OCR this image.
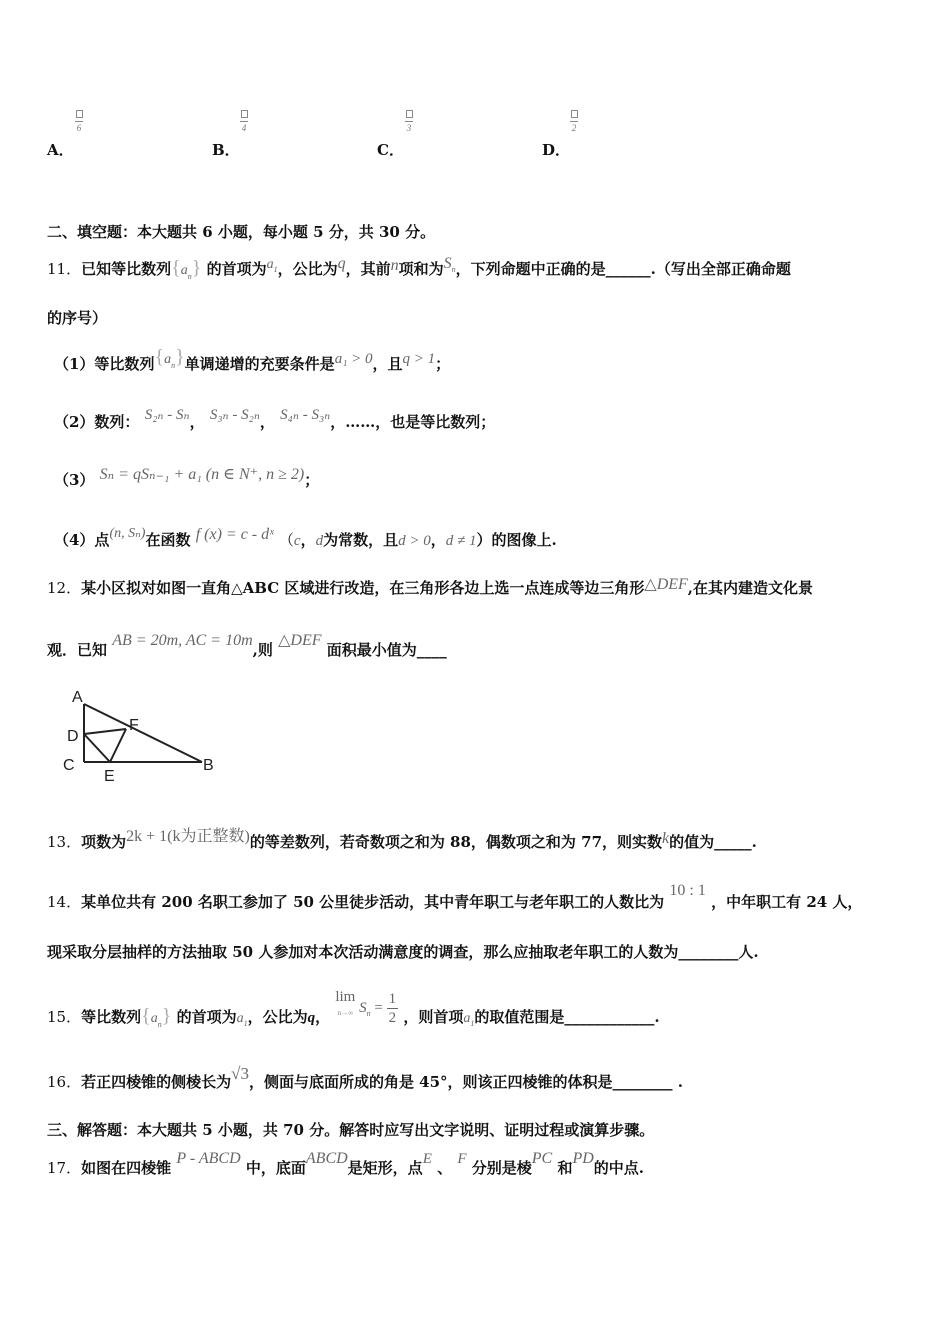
6
A．
4
B．
3
C．
2
D．
二、填空题：本大题共 6 小题，每小题 5 分，共 30 分。
11．已知等比数列$\{a_n\}$ 的首项为$a_1$，公比为q，其前n项和为$S_n$，下列命题中正确的是______.（写出全部正确命题
的序号）
（1）等比数列$\{a_n\}$单调递增的充要条件是a₁ > 0，且q > 1；
（2）数列： S₂ₙ - Sₙ， S₃ₙ - S₂ₙ， S₄ₙ - S₃ₙ，……，也是等比数列；
（3） Sₙ = qSₙ₋₁ + a₁ (n ∈ N⁺, n ≥ 2)；
（4）点(n, Sₙ)在函数 f (x) = c - dˣ （c，d为常数，且d > 0，d ≠ 1）的图像上.
12．某小区拟对如图一直角△ABC 区域进行改造，在三角形各边上选一点连成等边三角形△DEF,在其内建造文化景
观．已知 AB = 20m, AC = 10m,则 △DEF 面积最小值为____
A
D
C
E
F
B
13．项数为2k + 1(k为正整数)的等差数列，若奇数项之和为 88，偶数项之和为 77，则实数k的值为_____.
14．某单位共有 200 名职工参加了 50 公里徒步活动，其中青年职工与老年职工的人数比为 10 : 1 ，中年职工有 24 人，
现采取分层抽样的方法抽取 50 人参加对本次活动满意度的调查，那么应抽取老年职工的人数为________人.
15．等比数列$\{a_n\}$ 的首项为$a_1$，公比为q， lim
n→∞ $S_n = \frac{1}{2}$ ，则首项$a_1$的取值范围是____________.
16．若正四棱锥的侧棱长为√3，侧面与底面所成的角是 45°，则该正四棱锥的体积是________ .
三、解答题：本大题共 5 小题，共 70 分。解答时应写出文字说明、证明过程或演算步骤。
17．如图在四棱锥 P - ABCD 中，底面ABCD是矩形，点E 、 F 分别是棱PC 和PD的中点.
